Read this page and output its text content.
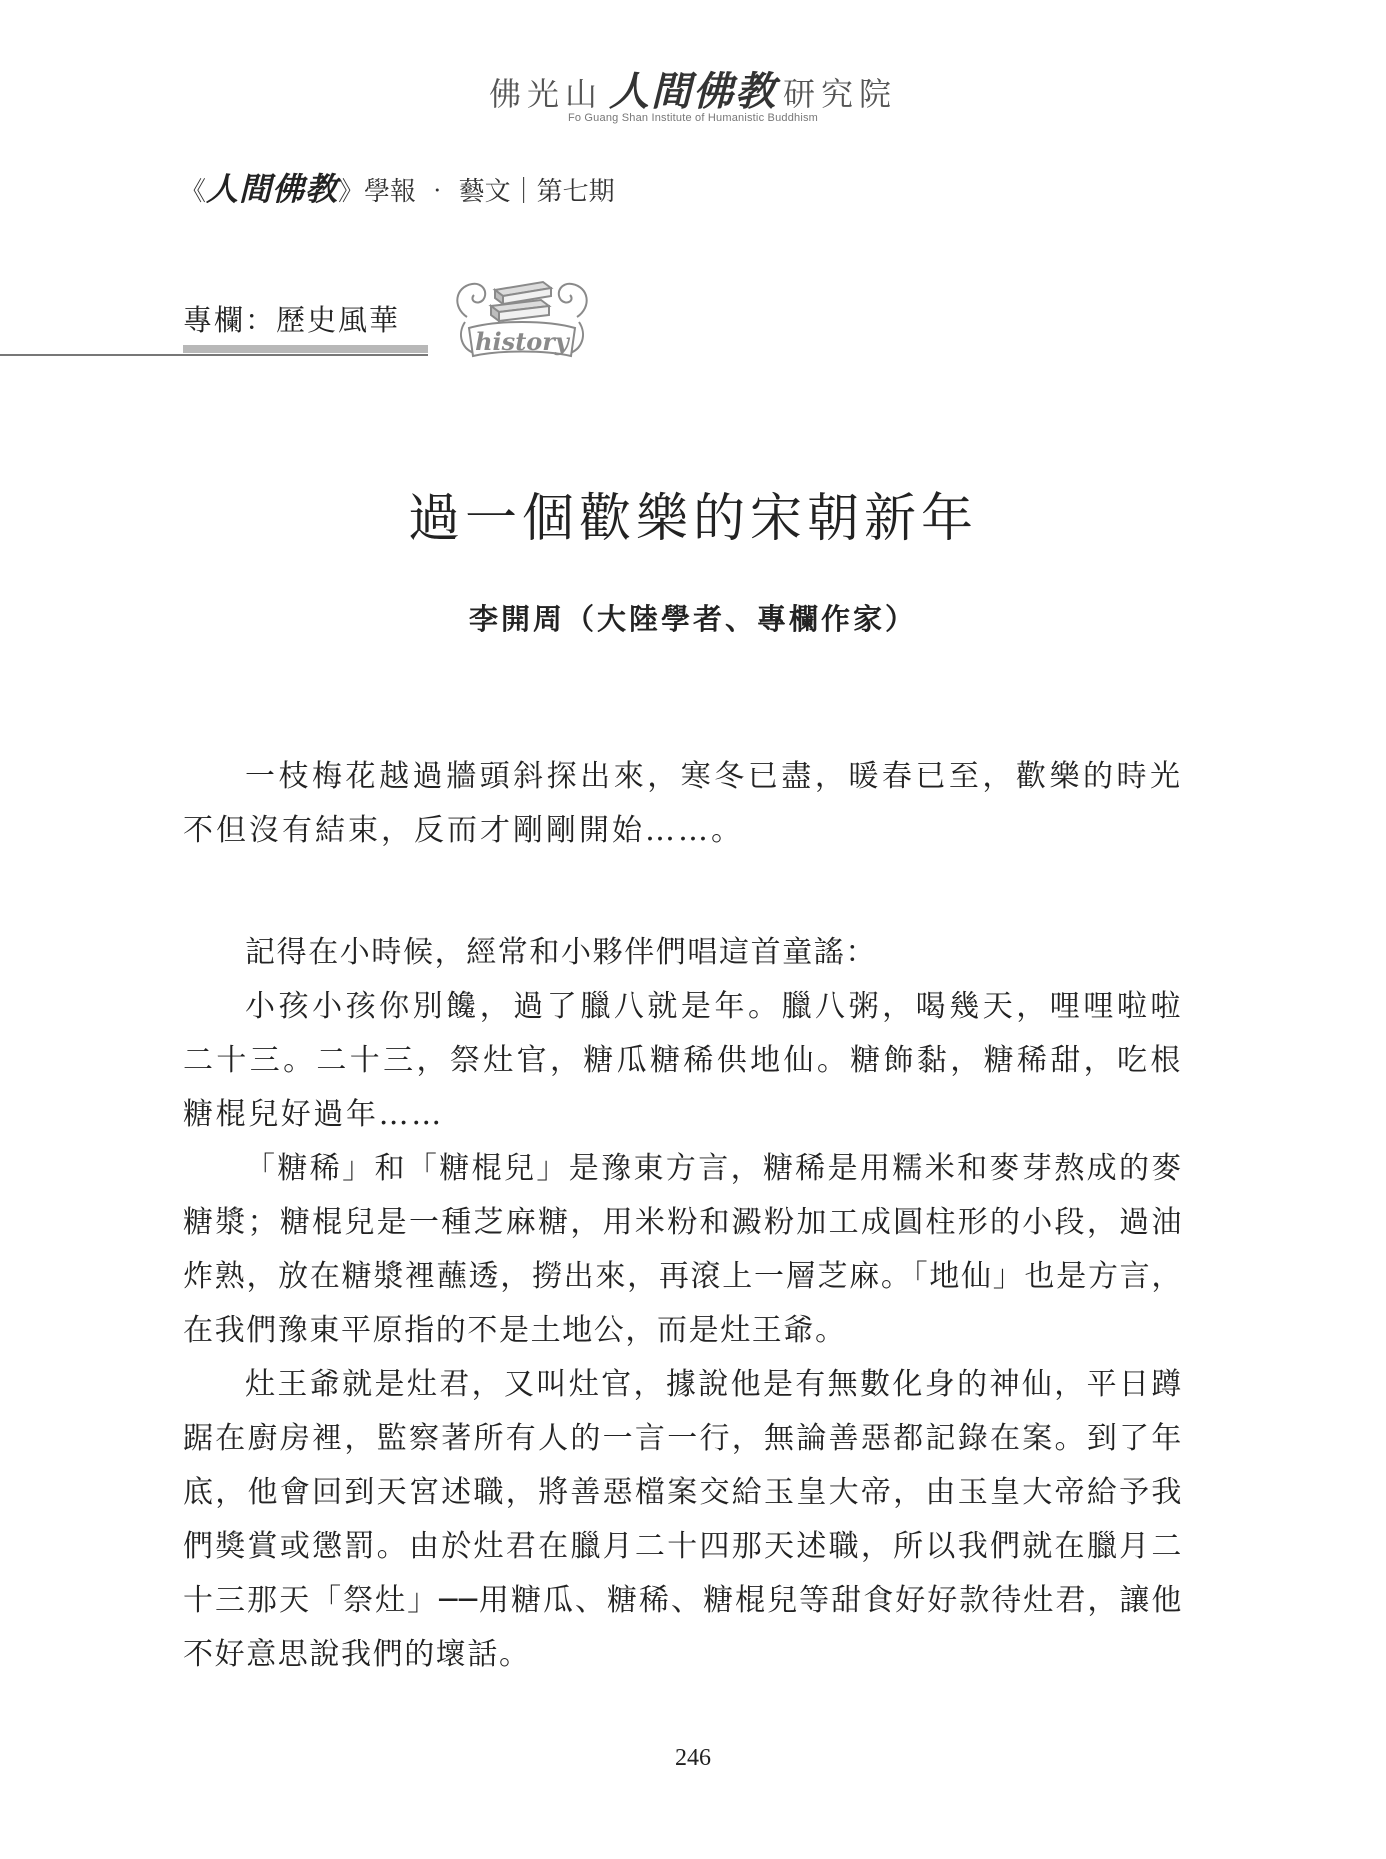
佛光山 人間佛教 研究院
Fo Guang Shan Institute of Humanistic Buddhism
《人間佛教》學報 ‧ 藝文｜第七期
專欄：歷史風華
history
過一個歡樂的宋朝新年
李開周（大陸學者、專欄作家）

一枝梅花越過牆頭斜探出來，寒冬已盡，暖春已至，歡樂的時光不但沒有結束，反而才剛剛開始……。

記得在小時候，經常和小夥伴們唱這首童謠：

小孩小孩你別饞，過了臘八就是年。臘八粥，喝幾天，哩哩啦啦二十三。二十三，祭灶官，糖瓜糖稀供地仙。糖飾黏，糖稀甜，吃根糖棍兒好過年……

「糖稀」和「糖棍兒」是豫東方言，糖稀是用糯米和麥芽熬成的麥糖漿；糖棍兒是一種芝麻糖，用米粉和澱粉加工成圓柱形的小段，過油炸熟，放在糖漿裡蘸透，撈出來，再滾上一層芝麻。「地仙」也是方言，在我們豫東平原指的不是土地公，而是灶王爺。

灶王爺就是灶君，又叫灶官，據說他是有無數化身的神仙，平日蹲踞在廚房裡，監察著所有人的一言一行，無論善惡都記錄在案。到了年底，他會回到天宮述職，將善惡檔案交給玉皇大帝，由玉皇大帝給予我們獎賞或懲罰。由於灶君在臘月二十四那天述職，所以我們就在臘月二十三那天「祭灶」──用糖瓜、糖稀、糖棍兒等甜食好好款待灶君，讓他不好意思說我們的壞話。

246
